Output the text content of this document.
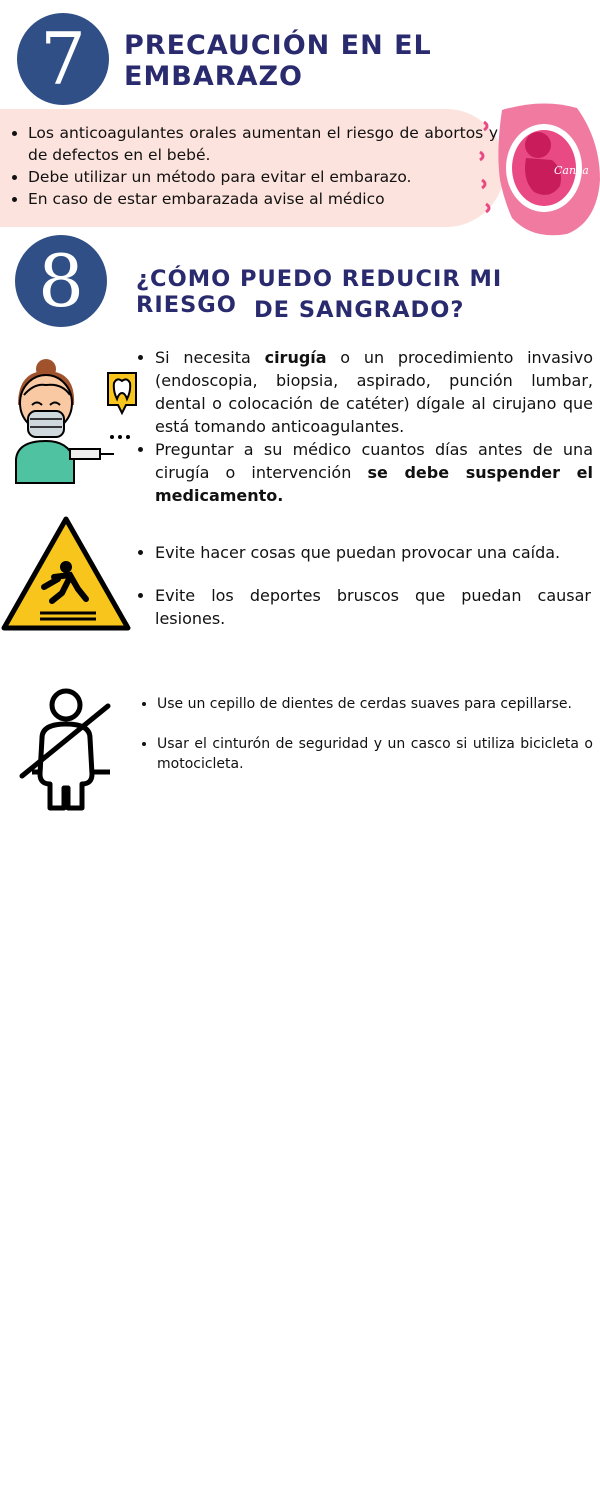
7	PRECAUCIÓN EN EL EMBARAZO
• Los anticoagulantes orales aumentan el riesgo de abortos y de defectos en el bebé.
• Debe utilizar un método para evitar el embarazo.
• En caso de estar embarazada avise al médico
Canva
8	¿CÓMO PUEDO REDUCIR MI RIESGO DE SANGRADO?
• Si necesita cirugía o un procedimiento invasivo (endoscopia, biopsia, aspirado, punción lumbar, dental o colocación de catéter) dígale al cirujano que está tomando anticoagulantes.
• Preguntar a su médico cuantos días antes de una cirugía o intervención se debe suspender el medicamento.
• Evite hacer cosas que puedan provocar una caída.
• Evite los deportes bruscos que puedan causar lesiones.
• Use un cepillo de dientes de cerdas suaves para cepillarse.
• Usar el cinturón de seguridad y un casco si utiliza bicicleta o motocicleta.
